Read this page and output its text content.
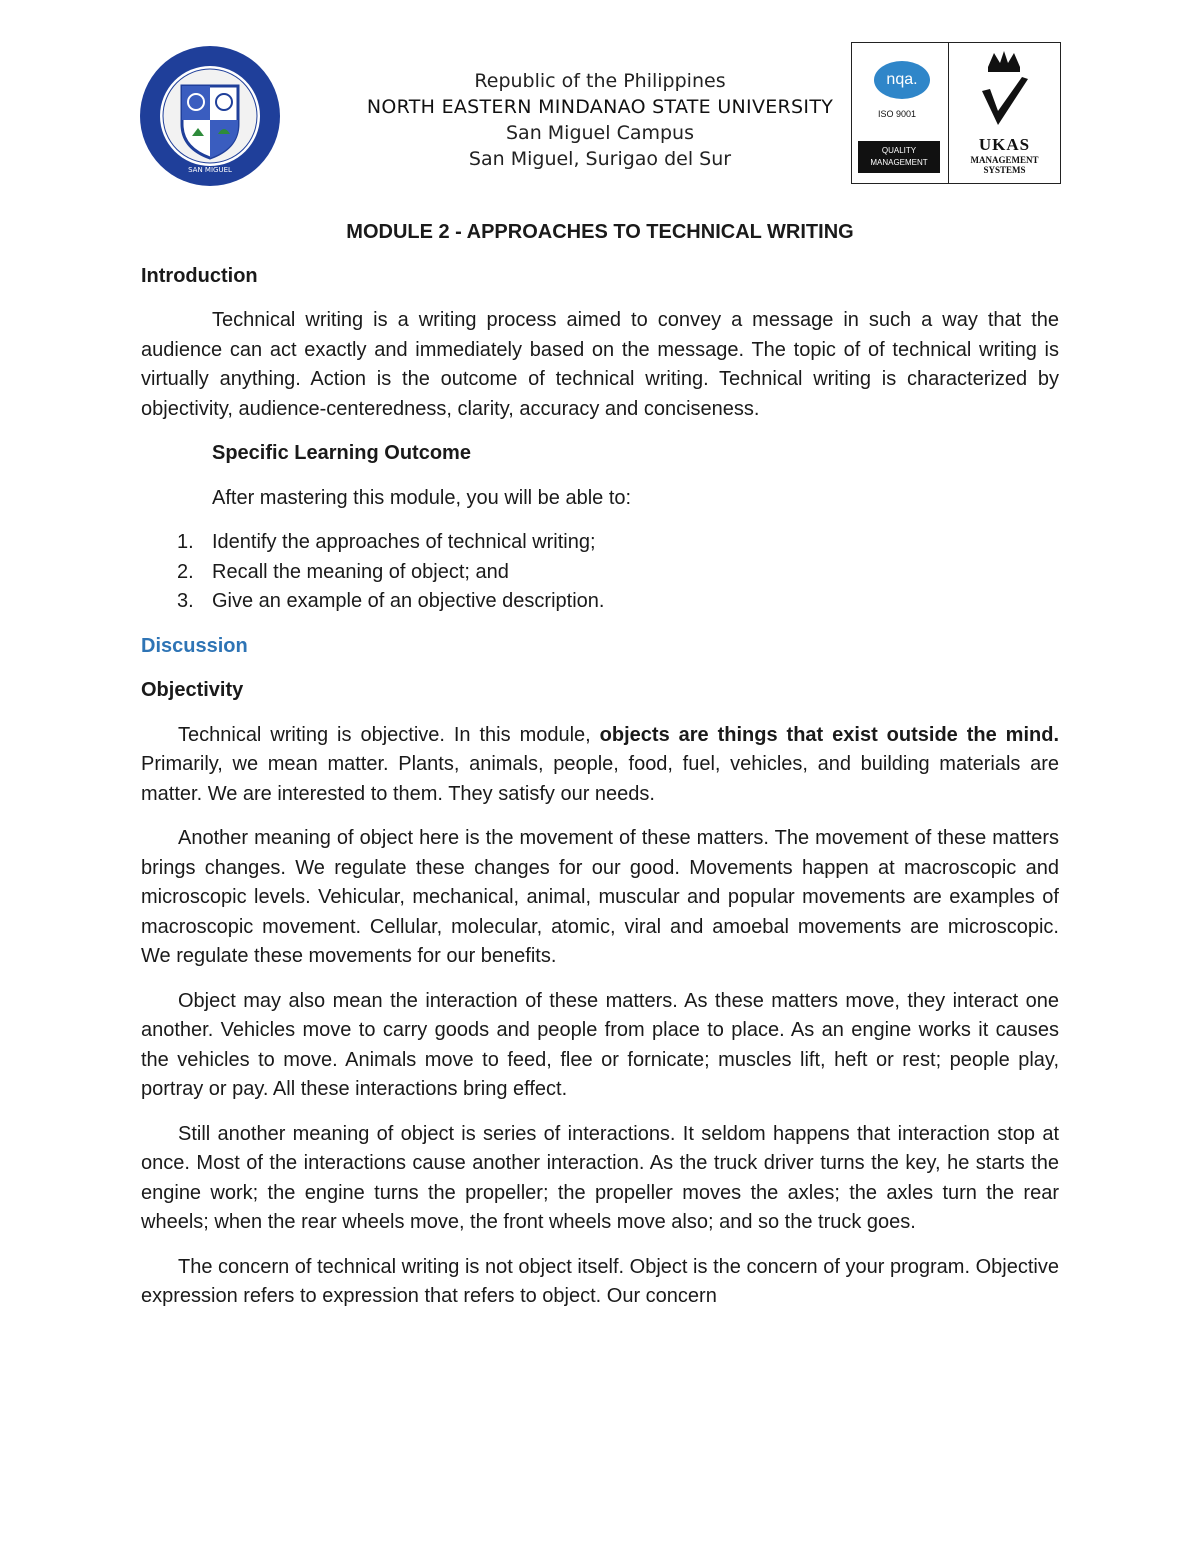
SAN MIGUEL
Republic of the Philippines
NORTH EASTERN MINDANAO STATE UNIVERSITY
San Miguel Campus
San Miguel, Surigao del Sur
nqa.
ISO 9001
QUALITY
MANAGEMENT
UKAS
MANAGEMENT
SYSTEMS
MODULE 2 - APPROACHES TO TECHNICAL WRITING
Introduction
Technical writing is a writing process aimed to convey a message in such a way that the audience can act exactly and immediately based on the message. The topic of of technical writing is virtually anything. Action is the outcome of technical writing. Technical writing is characterized by objectivity, audience-centeredness, clarity, accuracy and conciseness.
Specific Learning Outcome
After mastering this module, you will be able to:
1. Identify the approaches of technical writing;
2. Recall the meaning of object; and
3. Give an example of an objective description.
Discussion
Objectivity
Technical writing is objective. In this module, objects are things that exist outside the mind. Primarily, we mean matter. Plants, animals, people, food, fuel, vehicles, and building materials are matter. We are interested to them. They satisfy our needs.
Another meaning of object here is the movement of these matters. The movement of these matters brings changes. We regulate these changes for our good. Movements happen at macroscopic and microscopic levels. Vehicular, mechanical, animal, muscular and popular movements are examples of macroscopic movement. Cellular, molecular, atomic, viral and amoebal movements are microscopic. We regulate these movements for our benefits.
Object may also mean the interaction of these matters. As these matters move, they interact one another. Vehicles move to carry goods and people from place to place. As an engine works it causes the vehicles to move. Animals move to feed, flee or fornicate; muscles lift, heft or rest; people play, portray or pay. All these interactions bring effect.
Still another meaning of object is series of interactions. It seldom happens that interaction stop at once. Most of the interactions cause another interaction. As the truck driver turns the key, he starts the engine work; the engine turns the propeller; the propeller moves the axles; the axles turn the rear wheels; when the rear wheels move, the front wheels move also; and so the truck goes.
The concern of technical writing is not object itself. Object is the concern of your program. Objective expression refers to expression that refers to object. Our concern
